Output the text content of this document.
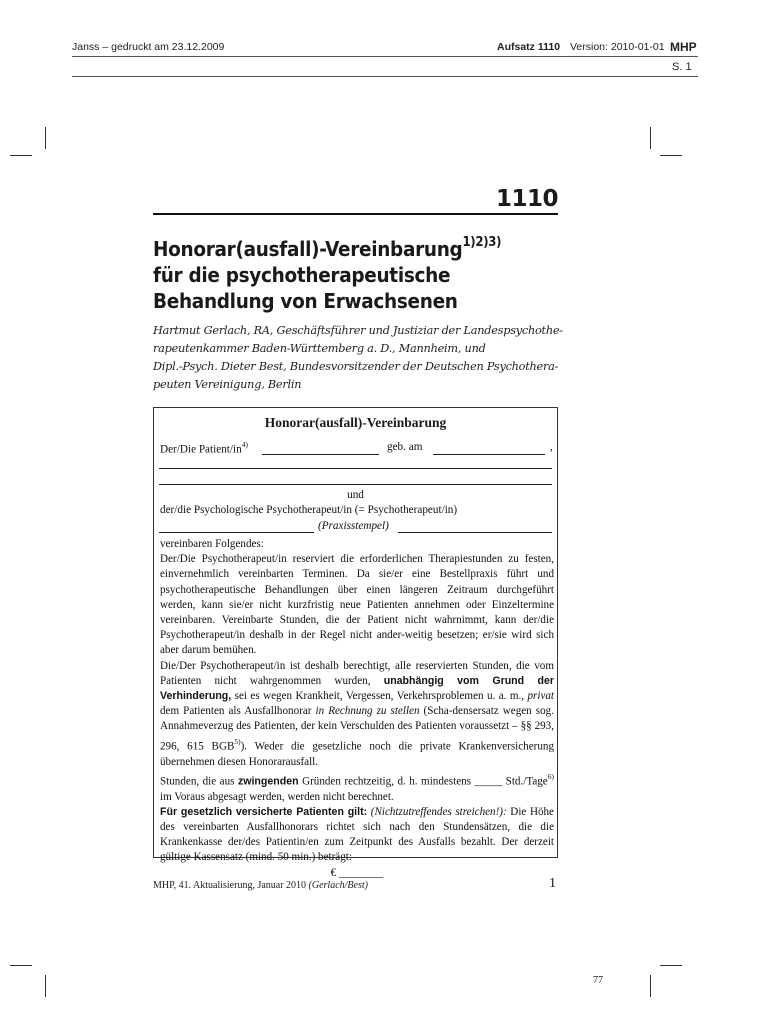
Janss – gedruckt am 23.12.2009	Aufsatz 1110 Version: 2010-01-01 MHP
S. 1
1110
Honorar(ausfall)-Vereinbarung$^{1)2)3)}$
für die psychotherapeutische
Behandlung von Erwachsenen
Hartmut Gerlach, RA, Geschäftsführer und Justiziar der Landespsychothe-
rapeutenkammer Baden-Württemberg a. D., Mannheim, und
Dipl.-Psych. Dieter Best, Bundesvorsitzender der Deutschen Psychothera-
peuten Vereinigung, Berlin
Honorar(ausfall)-Vereinbarung
Der/Die Patient/$in^{4)}$	geb. am	,
und
der/die Psychologische Psychotherapeut/in (= Psychotherapeut/in)
(Praxisstempel)

vereinbaren Folgendes:

Der/Die Psychotherapeut/in reserviert die erforderlichen Therapiestunden zu festen, einvernehmlich vereinbarten Terminen. Da sie/er eine Bestellpraxis führt und psychotherapeutische Behandlungen über einen längeren Zeitraum durchgeführt werden, kann sie/er nicht kurzfristig neue Patienten annehmen oder Einzeltermine vereinbaren. Vereinbarte Stunden, die der Patient nicht wahrnimmt, kann der/die Psychotherapeut/in deshalb in der Regel nicht ander-weitig besetzen; er/sie wird sich aber darum bemühen.

Die/Der Psychotherapeut/in ist deshalb berechtigt, alle reservierten Stunden, die vom Patienten nicht wahrgenommen wurden, unabhängig vom Grund der Verhinderung, sei es wegen Krankheit, Vergessen, Verkehrsproblemen u. a. m., privat dem Patienten als Ausfallhonorar in Rechnung zu stellen (Scha-densersatz wegen sog. Annahmeverzug des Patienten, der kein Verschulden des Patienten voraussetzt – §§ 293, 296, 615 BGB$^{5)}$). Weder die gesetzliche noch die private Krankenversicherung übernehmen diesen Honorarausfall.

Stunden, die aus zwingenden Gründen rechtzeitig, d. h. mindestens _____ Std./Tage$^{6)}$ im Voraus abgesagt werden, werden nicht berechnet.

Für gesetzlich versicherte Patienten gilt: (Nichtzutreffendes streichen!): Die Höhe des vereinbarten Ausfallhonorars richtet sich nach den Stundensätzen, die die Krankenkasse der/des Patientin/en zum Zeitpunkt des Ausfalls bezahlt. Der derzeit gültige Kassensatz (mind. 50 min.) beträgt:

€ ________

MHP, 41. Aktualisierung, Januar 2010 (Gerlach/Best)	1
77
